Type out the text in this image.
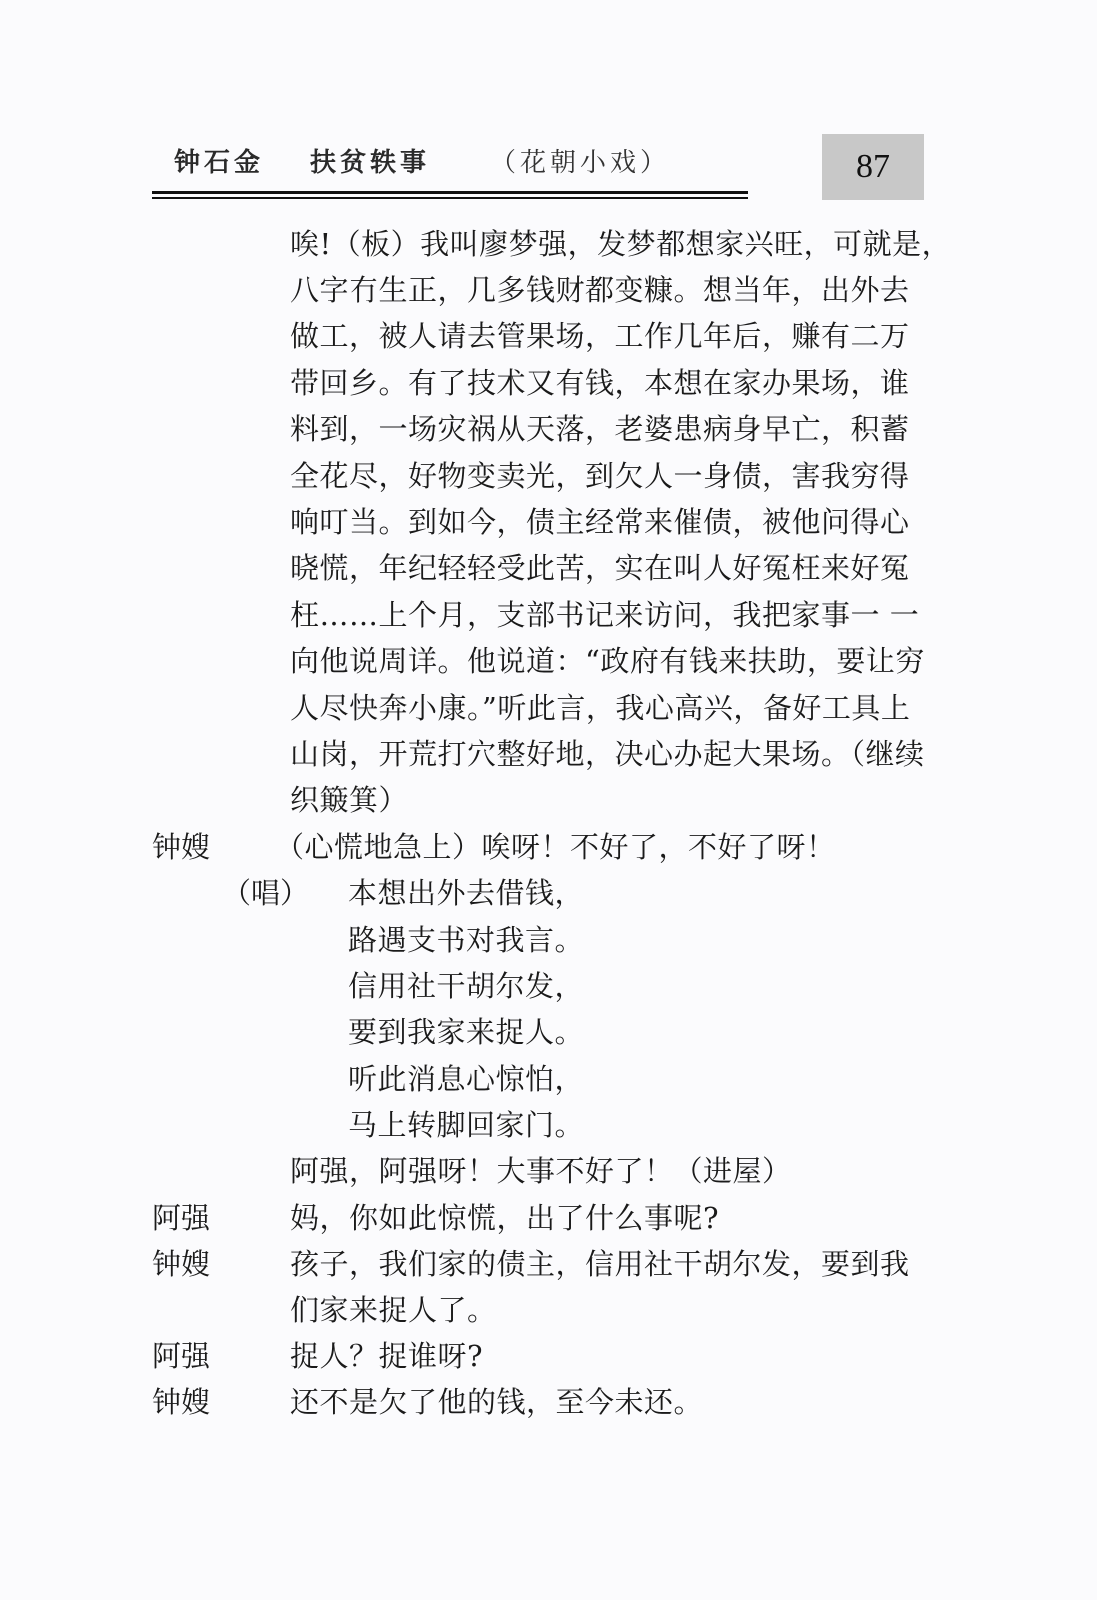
钟石金 扶贫轶事 （花朝小戏）	87
唉!（板）我叫廖梦强，发梦都想家兴旺，可就是，
八字冇生正，几多钱财都变糠。想当年，出外去
做工，被人请去管果场，工作几年后，赚有二万
带回乡。有了技术又有钱，本想在家办果场，谁
料到，一场灾祸从天落，老婆患病身早亡，积蓄
全花尽，好物变卖光，到欠人一身债，害我穷得
响叮当。到如今，债主经常来催债，被他问得心
晓慌，年纪轻轻受此苦，实在叫人好冤枉来好冤
枉……上个月，支部书记来访问，我把家事一 一
向他说周详。他说道：“政府有钱来扶助，要让穷
人尽快奔小康。”听此言，我心高兴，备好工具上
山岗，开荒打穴整好地，决心办起大果场。（继续
织簸箕）
钟嫂 （心慌地急上）唉呀！不好了，不好了呀！
（唱） 本想出外去借钱，
路遇支书对我言。
信用社干胡尔发，
要到我家来捉人。
听此消息心惊怕，
马上转脚回家门。
阿强，阿强呀！大事不好了！（进屋）
阿强	妈，你如此惊慌，出了什么事呢?
钟嫂	孩子，我们家的债主，信用社干胡尔发，要到我
们家来捉人了。
阿强	捉人？捉谁呀?
钟嫂	还不是欠了他的钱，至今未还。
